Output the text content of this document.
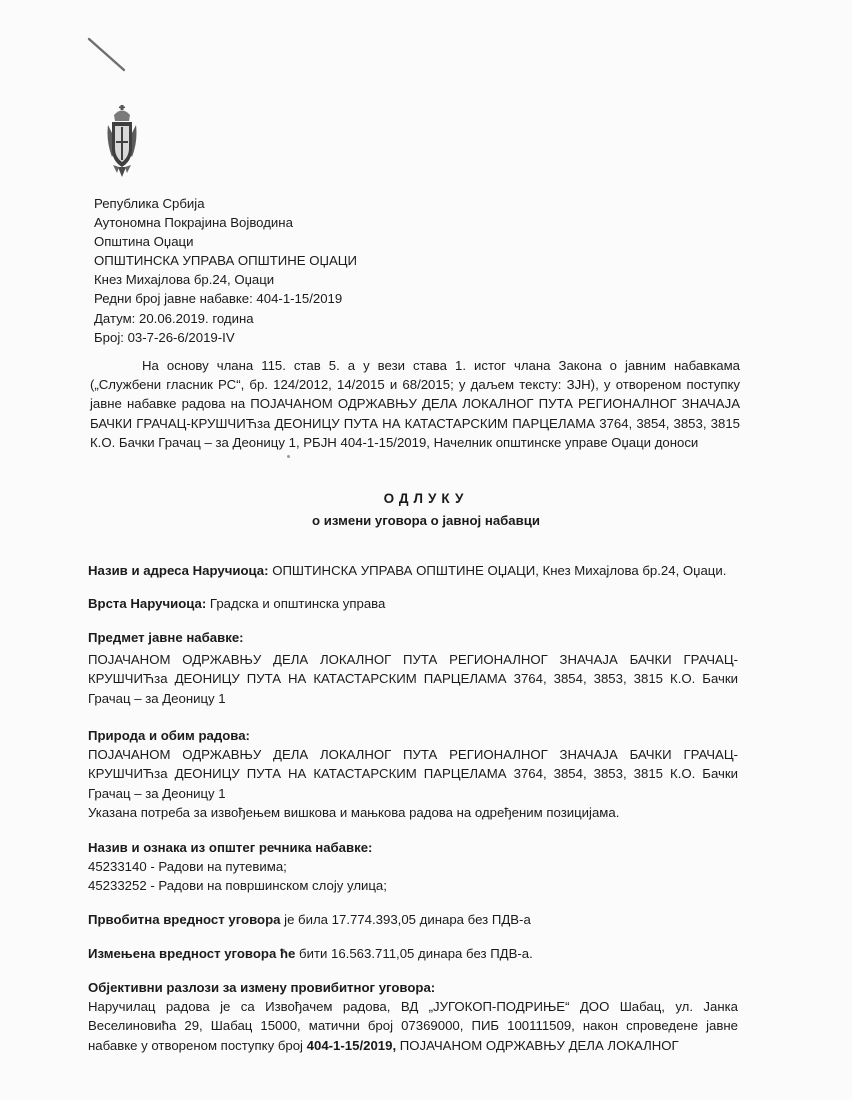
Република Србија
Аутономна Покрајина Војводина
Општина Оџаци
ОПШТИНСКА УПРАВА ОПШТИНЕ ОЏАЦИ
Кнез Михајлова бр.24, Оџаци
Редни број јавне набавке: 404-1-15/2019
Датум: 20.06.2019. година
Број: 03-7-26-6/2019-IV
На основу члана 115. став 5. а у вези става 1. истог члана Закона о јавним набавкама („Службени гласник РС“, бр. 124/2012, 14/2015 и 68/2015; у даљем тексту: ЗЈН), у отвореном поступку јавне набавке радова на ПОЈАЧАНОМ ОДРЖАВЊУ ДЕЛА ЛОКАЛНОГ ПУТА РЕГИОНАЛНОГ ЗНАЧАЈА БАЧКИ ГРАЧАЦ-КРУШЧИЋза ДЕОНИЦУ ПУТА НА КАТАСТАРСКИМ ПАРЦЕЛАМА 3764, 3854, 3853, 3815 К.О. Бачки Грачац – за Деоницу 1, РБЈН 404-1-15/2019, Начелник општинске управе Оџаци доноси
ОДЛУКУ
о измени уговора о јавној набавци
Назив и адреса Наручиоца: ОПШТИНСКА УПРАВА ОПШТИНЕ ОЏАЦИ, Кнез Михајлова бр.24, Оџаци.
Врста Наручиоца: Градска и општинска управа

Предмет јавне набавке:

ПОЈАЧАНОМ ОДРЖАВЊУ ДЕЛА ЛОКАЛНОГ ПУТА РЕГИОНАЛНОГ ЗНАЧАЈА БАЧКИ ГРАЧАЦ-КРУШЧИЋза ДЕОНИЦУ ПУТА НА КАТАСТАРСКИМ ПАРЦЕЛАМА 3764, 3854, 3853, 3815 К.О. Бачки Грачац – за Деоницу 1

Природа и обим радова:

ПОЈАЧАНОМ ОДРЖАВЊУ ДЕЛА ЛОКАЛНОГ ПУТА РЕГИОНАЛНОГ ЗНАЧАЈА БАЧКИ ГРАЧАЦ-КРУШЧИЋза ДЕОНИЦУ ПУТА НА КАТАСТАРСКИМ ПАРЦЕЛАМА 3764, 3854, 3853, 3815 К.О. Бачки Грачац – за Деоницу 1

Указана потреба за извођењем вишкова и мањкова радова на одређеним позицијама.

Назив и ознака из општег речника набавке:

45233140 - Радови на путевима;

45233252 - Радови на површинском слоју улица;

Првобитна вредност уговора је била 17.774.393,05 динара без ПДВ-а
Измењена вредност уговора ће бити 16.563.711,05 динара без ПДВ-а.

Објективни разлози за измену провибитног уговора:

Наручилац радова је са Извођачем радова, ВД „ЈУГОКОП-ПОДРИЊЕ“ ДОО Шабац, ул. Јанка Веселиновића 29, Шабац 15000, матични број 07369000, ПИБ 100111509, након спроведене јавне набавке у отвореном поступку број 404-1-15/2019, ПОЈАЧАНОМ ОДРЖАВЊУ ДЕЛА ЛОКАЛНОГ
